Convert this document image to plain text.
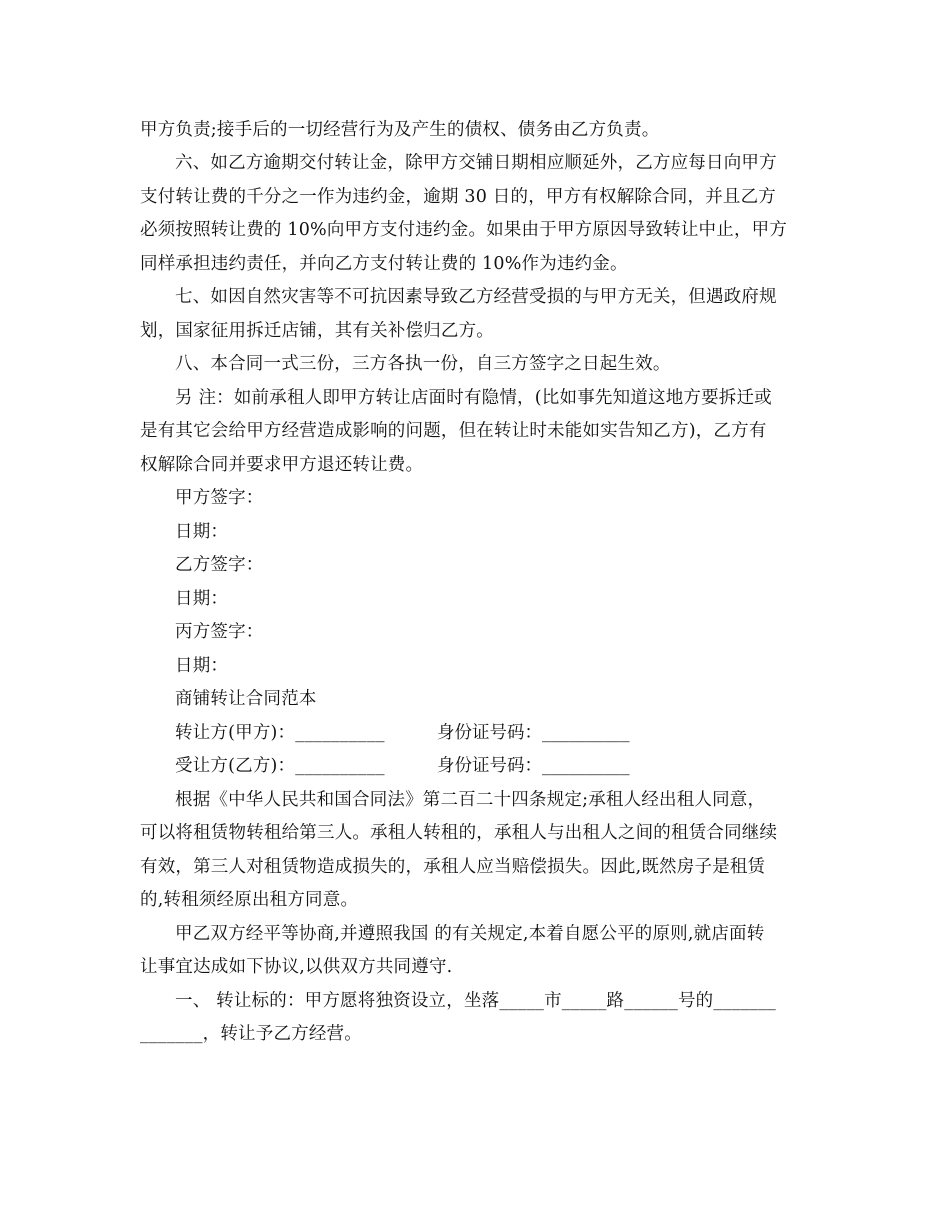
甲方负责;接手后的一切经营行为及产生的债权、债务由乙方负责。
六、如乙方逾期交付转让金，除甲方交铺日期相应顺延外，乙方应每日向甲方
支付转让费的千分之一作为违约金，逾期 30 日的，甲方有权解除合同，并且乙方
必须按照转让费的 10%向甲方支付违约金。如果由于甲方原因导致转让中止，甲方
同样承担违约责任，并向乙方支付转让费的 10%作为违约金。
七、如因自然灾害等不可抗因素导致乙方经营受损的与甲方无关，但遇政府规
划，国家征用拆迁店铺，其有关补偿归乙方。
八、本合同一式三份，三方各执一份，自三方签字之日起生效。
另 注：如前承租人即甲方转让店面时有隐情，(比如事先知道这地方要拆迁或
是有其它会给甲方经营造成影响的问题，但在转让时未能如实告知乙方)，乙方有
权解除合同并要求甲方退还转让费。
甲方签字：
日期：
乙方签字：
日期：
丙方签字：
日期：
商铺转让合同范本
转让方(甲方)：__________	身份证号码：__________
受让方(乙方)：__________	身份证号码：__________
根据《中华人民共和国合同法》第二百二十四条规定;承租人经出租人同意，
可以将租赁物转租给第三人。承租人转租的，承租人与出租人之间的租赁合同继续
有效，第三人对租赁物造成损失的，承租人应当赔偿损失。因此,既然房子是租赁
的,转租须经原出租方同意。
甲乙双方经平等协商,并遵照我国 的有关规定,本着自愿公平的原则,就店面转
让事宜达成如下协议,以供双方共同遵守.
一、 转让标的：甲方愿将独资设立，坐落_____市_____路______号的_______
_______，转让予乙方经营。
